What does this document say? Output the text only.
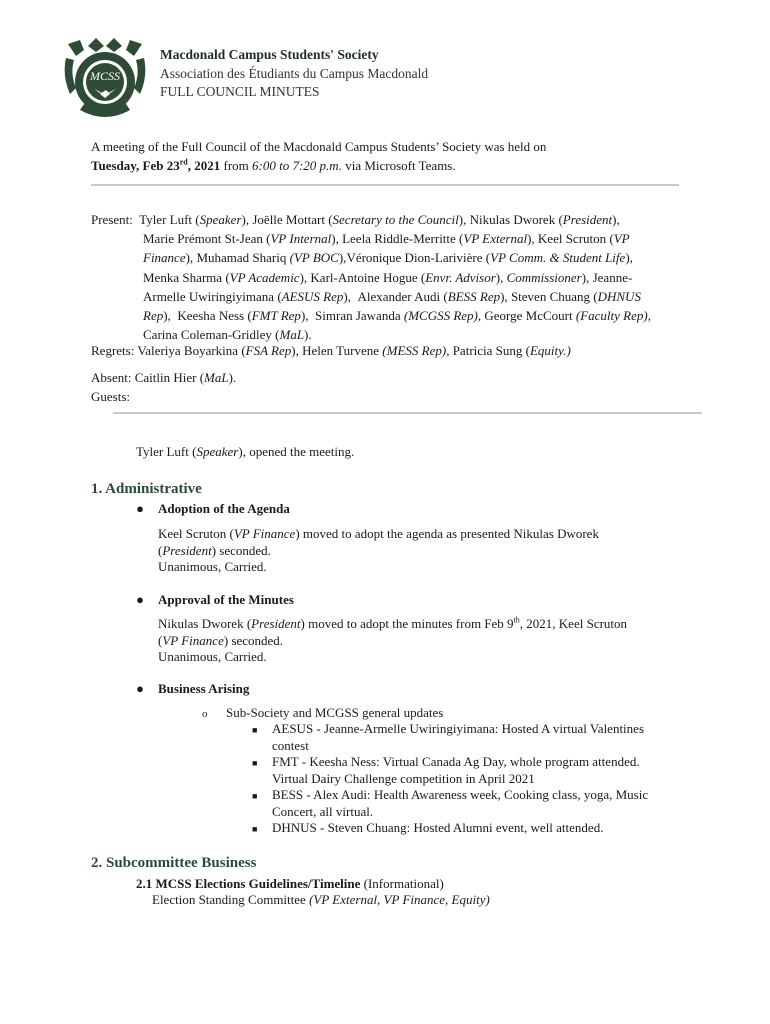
MCSS
Macdonald Campus Students' Society
Association des Étudiants du Campus Macdonald
FULL COUNCIL MINUTES
A meeting of the Full Council of the Macdonald Campus Students’ Society was held on
Tuesday, Feb 23rd, 2021 from 6:00 to 7:20 p.m. via Microsoft Teams.
Present: Tyler Luft (Speaker), Joëlle Mottart (Secretary to the Council), Nikulas Dworek (President),
Marie Prémont St-Jean (VP Internal), Leela Riddle-Merritte (VP External), Keel Scruton (VP
Finance), Muhamad Shariq (VP BOC),Véronique Dion-Larivière (VP Comm. & Student Life),
Menka Sharma (VP Academic), Karl-Antoine Hogue (Envr. Advisor), Commissioner), Jeanne-
Armelle Uwiringiyimana (AESUS Rep),  Alexander Audi (BESS Rep), Steven Chuang (DHNUS
Rep),  Keesha Ness (FMT Rep),  Simran Jawanda (MCGSS Rep), George McCourt (Faculty Rep),
Carina Coleman-Gridley (MaL).
Regrets: Valeriya Boyarkina (FSA Rep), Helen Turvene (MESS Rep), Patricia Sung (Equity.)
Absent: Caitlin Hier (MaL).
Guests:
Tyler Luft (Speaker), opened the meeting.
1. Administrative
● Adoption of the Agenda
Keel Scruton (VP Finance) moved to adopt the agenda as presented Nikulas Dworek
(President) seconded.
Unanimous, Carried.
● Approval of the Minutes
Nikulas Dworek (President) moved to adopt the minutes from Feb 9th, 2021, Keel Scruton
(VP Finance) seconded.
Unanimous, Carried.
● Business Arising
o Sub-Society and MCGSS general updates
■ AESUS - Jeanne-Armelle Uwiringiyimana: Hosted A virtual Valentines
contest
■ FMT - Keesha Ness: Virtual Canada Ag Day, whole program attended.
Virtual Dairy Challenge competition in April 2021
■ BESS - Alex Audi: Health Awareness week, Cooking class, yoga, Music
Concert, all virtual.
■ DHNUS - Steven Chuang: Hosted Alumni event, well attended.
2. Subcommittee Business
2.1 MCSS Elections Guidelines/Timeline (Informational)
Election Standing Committee (VP External, VP Finance, Equity)
